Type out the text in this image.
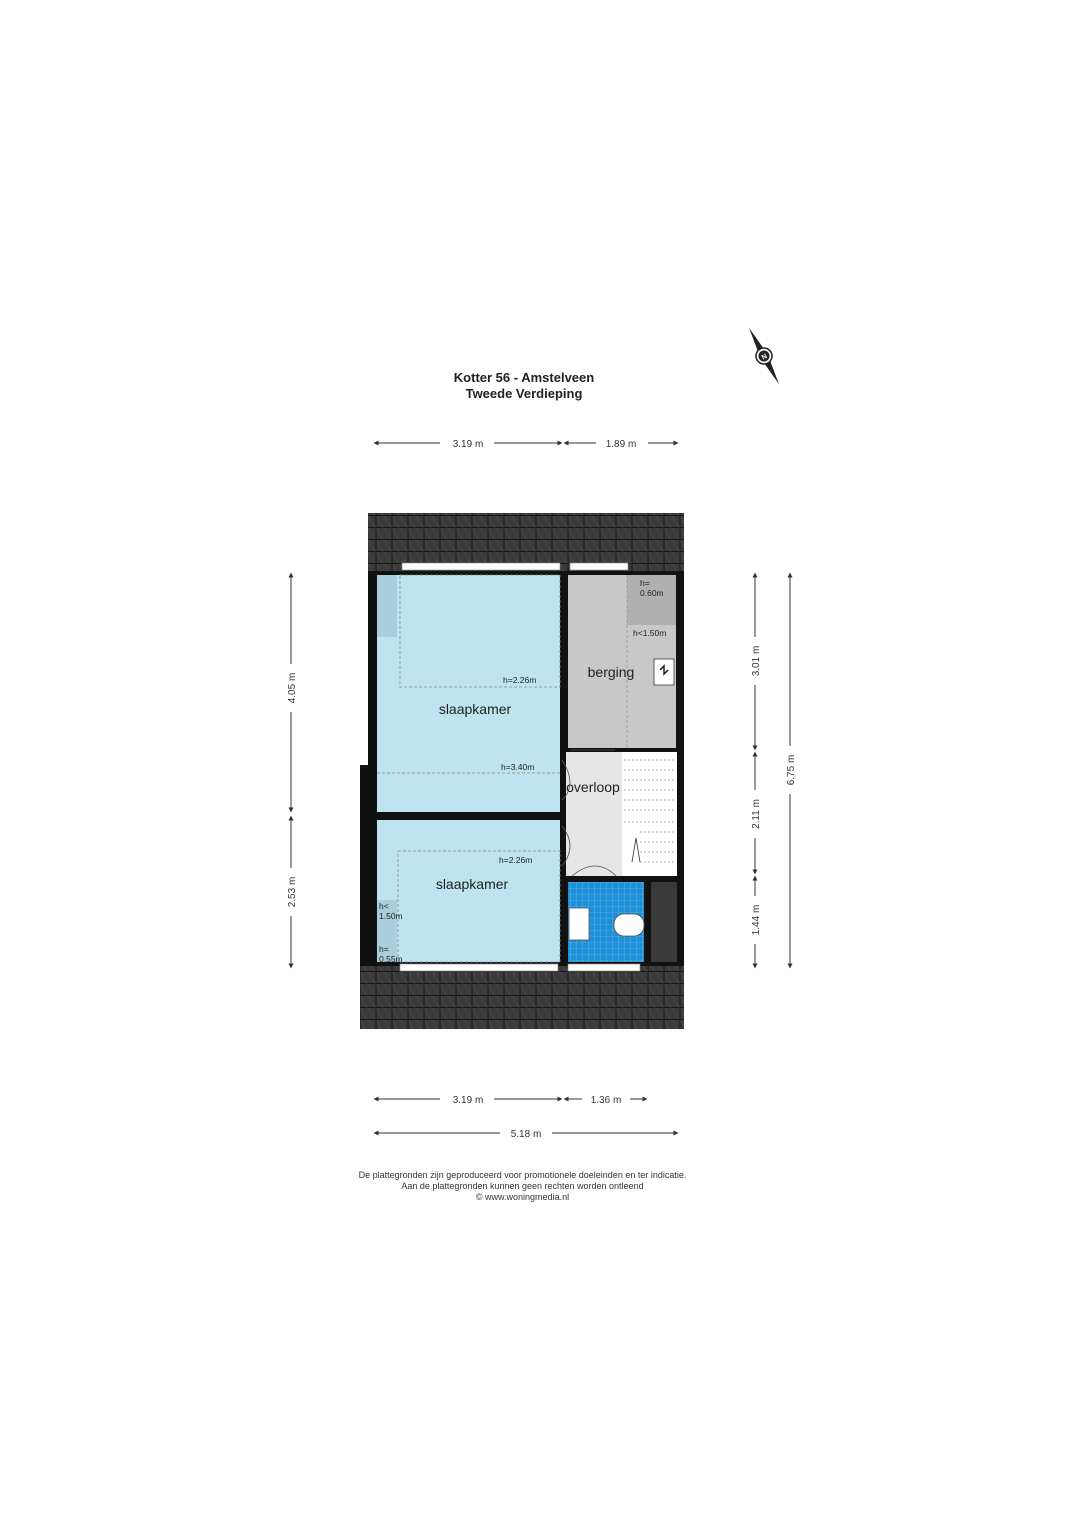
Kotter 56 - Amstelveen
Tweede Verdieping
N
3.19 m	1.89 m
slaapkamer
slaapkamer
berging
overloop
h=2.26m
h=3.40m
h=2.26m
h<
1.50m
h=
0.55m
h=
0.60m
h<1.50m
4.05 m
2.53 m
3.01 m
2.11 m
1.44 m
6.75 m
3.19 m	1.36 m
5.18 m
De plattegronden zijn geproduceerd voor promotionele doeleinden en ter indicatie.
Aan de plattegronden kunnen geen rechten worden ontleend
© www.woningmedia.nl
